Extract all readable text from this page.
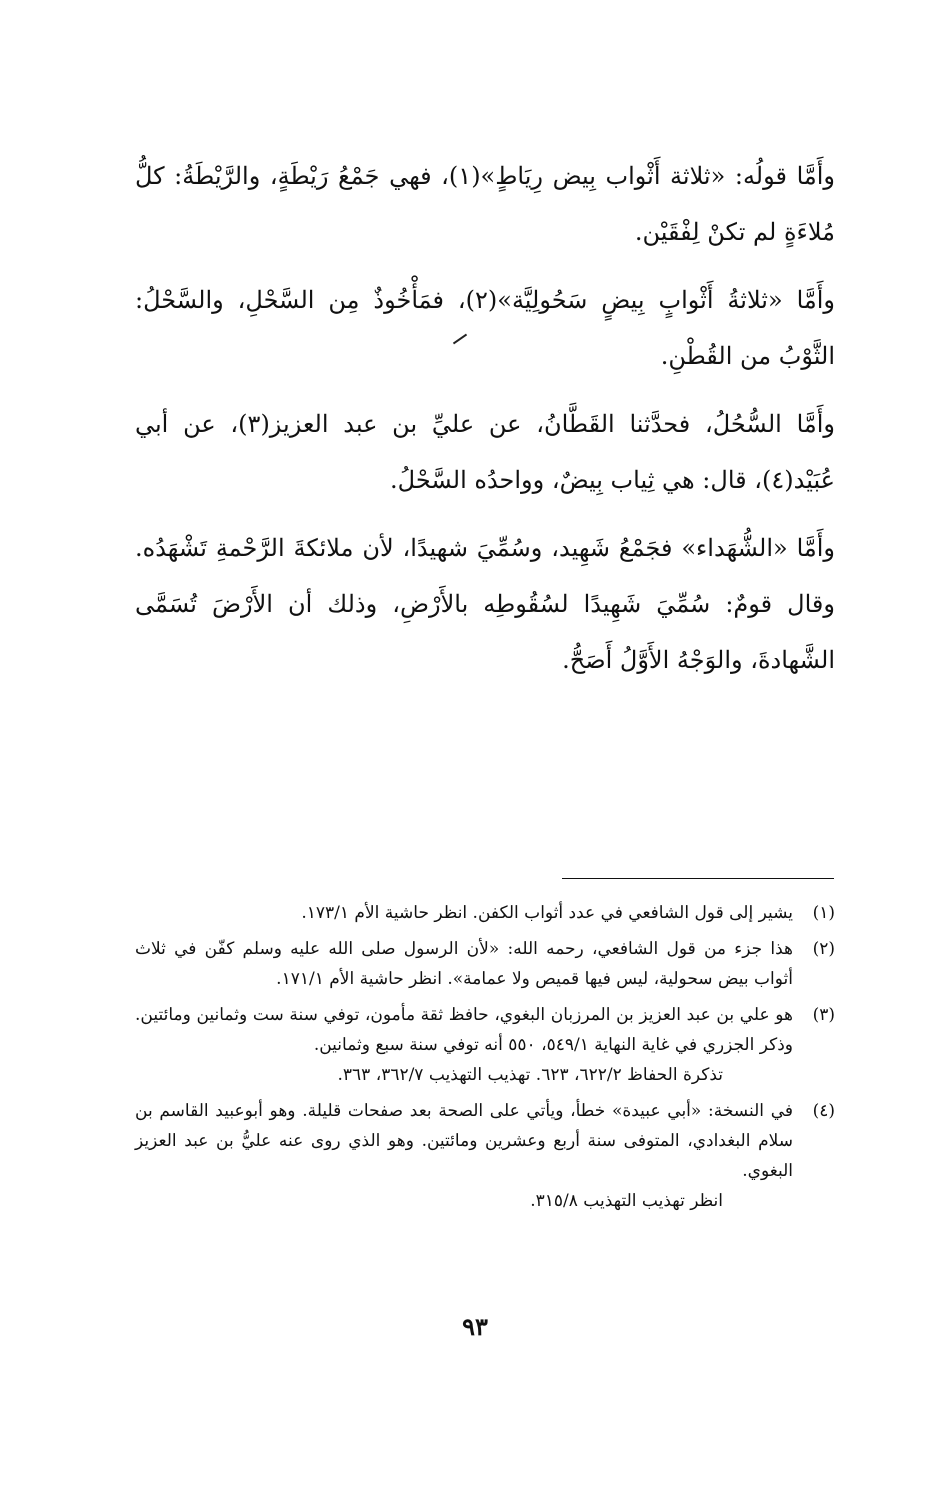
وأَمَّا قولُه: «ثلاثة أَثْواب بِيض رِيَاطٍ»(١)، فهي جَمْعُ رَيْطَةٍ، والرَّيْطَةُ: كلُّ مُلاءَةٍ لم تكنْ لِفْقَيْن.

وأَمَّا «ثلاثةُ أَثْوابٍ بِيضٍ سَحُولِيَّة»(٢)، فمَأْخُوذٌ مِن السَّحْلِ، والسَّحْلُ: الثَّوْبُ من القُطْنِ.

وأَمَّا السُّحُلُ، فحدَّثنا القَطَّانُ، عن عليِّ بن عبد العزيز(٣)، عن أبي عُبَيْد(٤)، قال: هي ثِياب بِيضٌ، وواحدُه السَّحْلُ.

وأَمَّا «الشُّهَداء» فجَمْعُ شَهِيد، وسُمِّيَ شهيدًا، لأن ملائكةَ الرَّحْمةِ تَشْهَدُه. وقال قومٌ: سُمِّيَ شَهِيدًا لسُقُوطِه بالأَرْضِ، وذلك أن الأَرْضَ تُسَمَّى الشَّهادةَ، والوَجْهُ الأَوَّلُ أَصَحُّ.

(١)
يشير إلى قول الشافعي في عدد أثواب الكفن. انظر حاشية الأم ١٧٣/١.
(٢)
هذا جزء من قول الشافعي، رحمه الله: «لأن الرسول صلى الله عليه وسلم كفّن في ثلاث أثواب بيض سحولية، ليس فيها قميص ولا عمامة». انظر حاشية الأم ١٧١/١.
(٣)
هو علي بن عبد العزيز بن المرزبان البغوي، حافظ ثقة مأمون، توفي سنة ست وثمانين ومائتين. وذكر الجزري في غاية النهاية ٥٤٩/١، ٥٥٠ أنه توفي سنة سبع وثمانين.
تذكرة الحفاظ ٦٢٢/٢، ٦٢٣. تهذيب التهذيب ٣٦٢/٧، ٣٦٣.
(٤)
في النسخة: «أبي عبيدة» خطأ، ويأتي على الصحة بعد صفحات قليلة. وهو أبوعبيد القاسم بن سلام البغدادي، المتوفى سنة أربع وعشرين ومائتين. وهو الذي روى عنه عليُّ بن عبد العزيز البغوي.
انظر تهذيب التهذيب ٣١٥/٨.
٩٣
